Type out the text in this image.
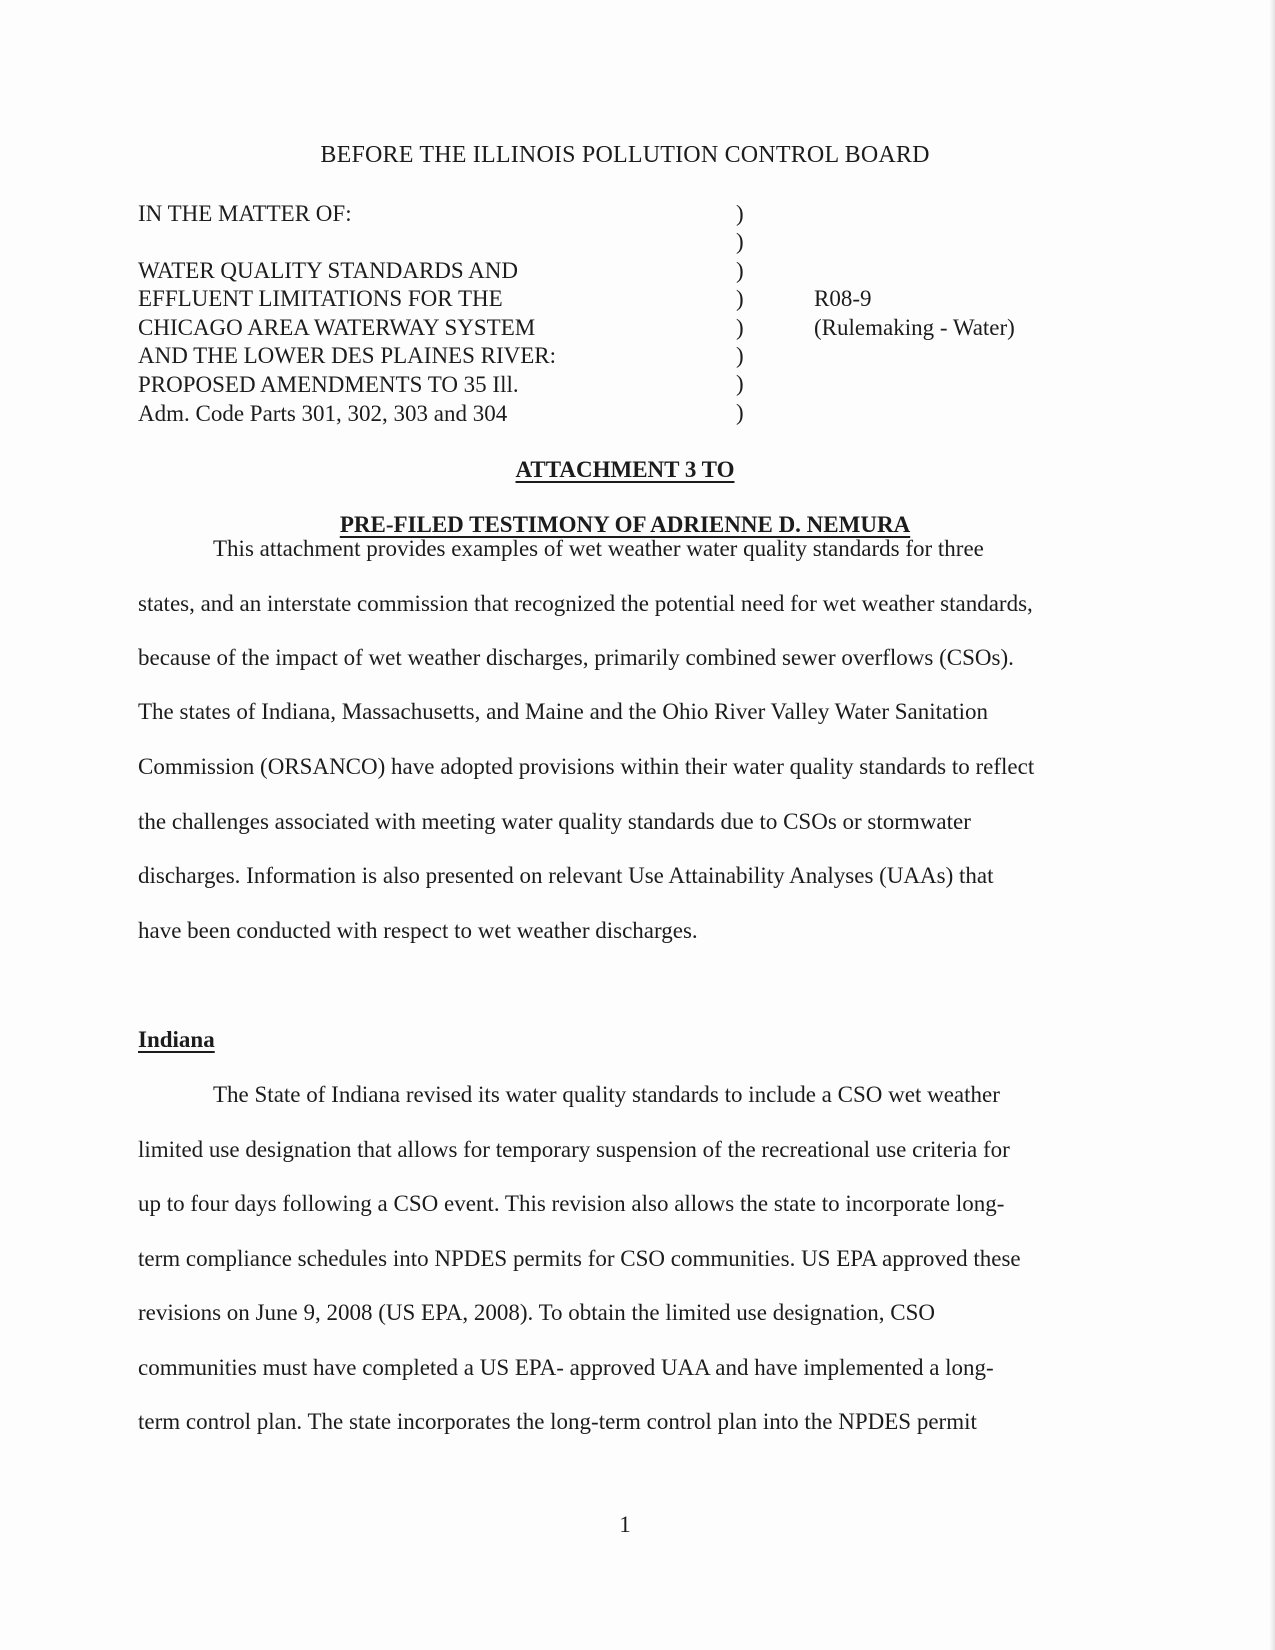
BEFORE THE ILLINOIS POLLUTION CONTROL BOARD
IN THE MATTER OF:
WATER QUALITY STANDARDS AND
EFFLUENT LIMITATIONS FOR THE
CHICAGO AREA WATERWAY SYSTEM
AND THE LOWER DES PLAINES RIVER:
PROPOSED AMENDMENTS TO 35 Ill.
Adm. Code Parts 301, 302, 303 and 304
)
)
)
)
)
)
)
)
R08-9
(Rulemaking - Water)
ATTACHMENT 3 TO
PRE-FILED TESTIMONY OF ADRIENNE D. NEMURA
This attachment provides examples of wet weather water quality standards for three
states, and an interstate commission that recognized the potential need for wet weather standards,
because of the impact of wet weather discharges, primarily combined sewer overflows (CSOs).
The states of Indiana, Massachusetts, and Maine and the Ohio River Valley Water Sanitation
Commission (ORSANCO) have adopted provisions within their water quality standards to reflect
the challenges associated with meeting water quality standards due to CSOs or stormwater
discharges. Information is also presented on relevant Use Attainability Analyses (UAAs) that
have been conducted with respect to wet weather discharges.
Indiana
The State of Indiana revised its water quality standards to include a CSO wet weather
limited use designation that allows for temporary suspension of the recreational use criteria for
up to four days following a CSO event. This revision also allows the state to incorporate long-
term compliance schedules into NPDES permits for CSO communities. US EPA approved these
revisions on June 9, 2008 (US EPA, 2008). To obtain the limited use designation, CSO
communities must have completed a US EPA- approved UAA and have implemented a long-
term control plan. The state incorporates the long-term control plan into the NPDES permit
1
